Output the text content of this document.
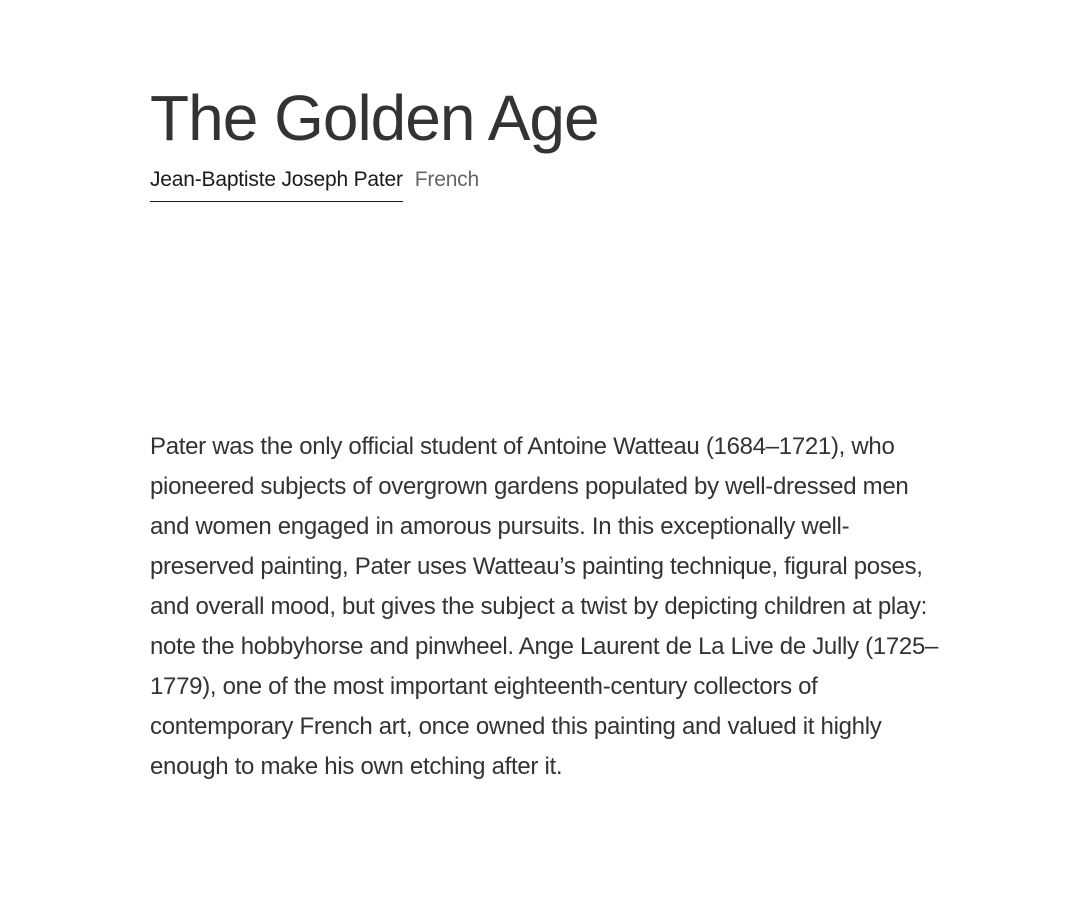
The Golden Age
Jean-Baptiste Joseph Pater French

Pater was the only official student of Antoine Watteau (1684–1721), who pioneered subjects of overgrown gardens populated by well-dressed men and women engaged in amorous pursuits. In this exceptionally well-preserved painting, Pater uses Watteau’s painting technique, figural poses, and overall mood, but gives the subject a twist by depicting children at play: note the hobbyhorse and pinwheel. Ange Laurent de La Live de Jully (1725–1779), one of the most important eighteenth-century collectors of contemporary French art, once owned this painting and valued it highly enough to make his own etching after it.
